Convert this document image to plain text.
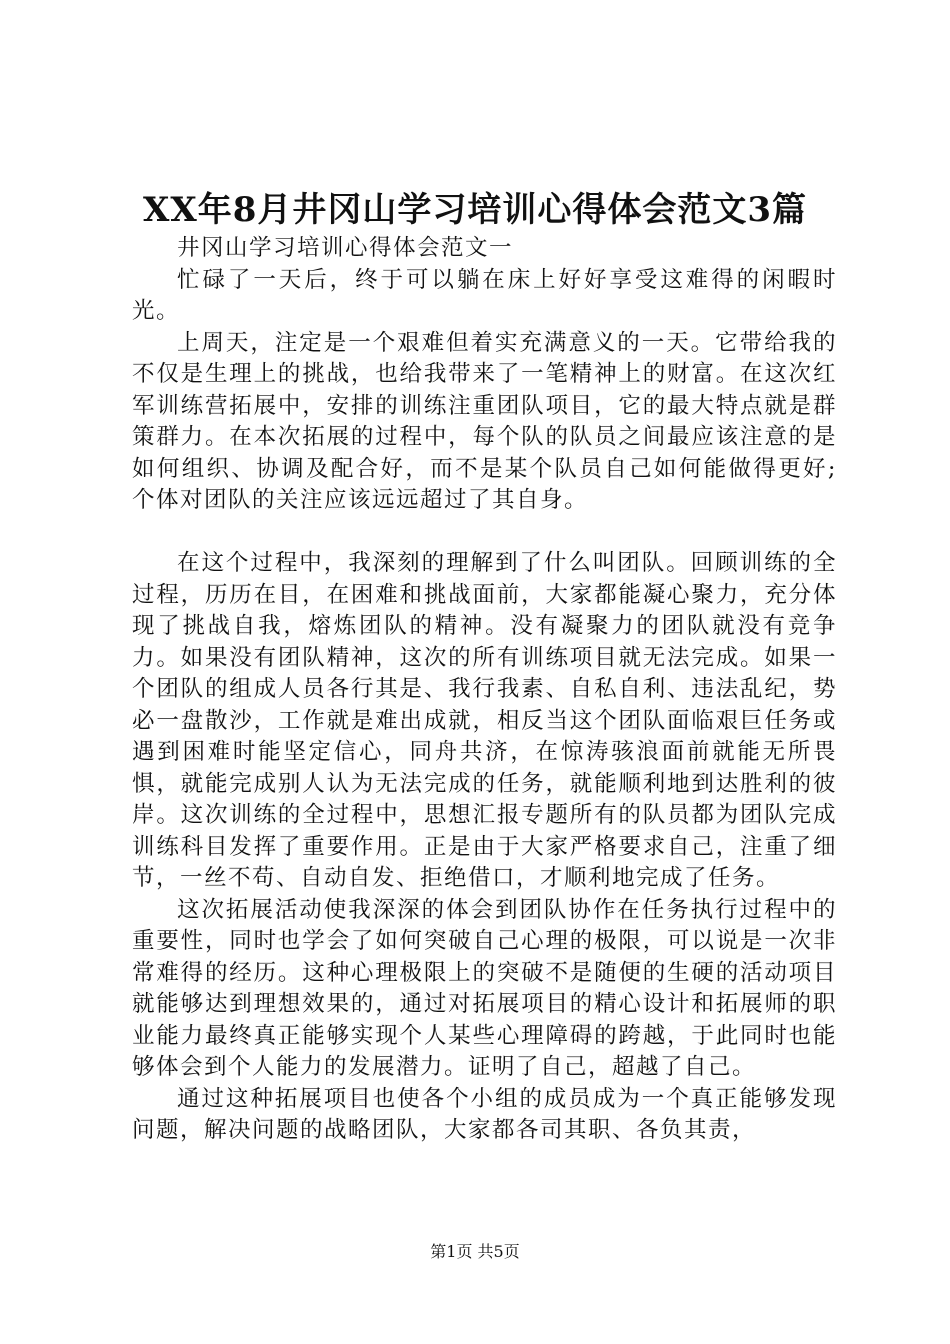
XX年8月井冈山学习培训心得体会范文3篇

井冈山学习培训心得体会范文一

忙碌了一天后，终于可以躺在床上好好享受这难得的闲暇时光。

上周天，注定是一个艰难但着实充满意义的一天。它带给我的不仅是生理上的挑战，也给我带来了一笔精神上的财富。在这次红军训练营拓展中，安排的训练注重团队项目，它的最大特点就是群策群力。在本次拓展的过程中，每个队的队员之间最应该注意的是如何组织、协调及配合好，而不是某个队员自己如何能做得更好;个体对团队的关注应该远远超过了其自身。

在这个过程中，我深刻的理解到了什么叫团队。回顾训练的全过程，历历在目，在困难和挑战面前，大家都能凝心聚力，充分体现了挑战自我，熔炼团队的精神。没有凝聚力的团队就没有竞争力。如果没有团队精神，这次的所有训练项目就无法完成。如果一个团队的组成人员各行其是、我行我素、自私自利、违法乱纪，势必一盘散沙，工作就是难出成就，相反当这个团队面临艰巨任务或遇到困难时能坚定信心，同舟共济，在惊涛骇浪面前就能无所畏惧，就能完成别人认为无法完成的任务，就能顺利地到达胜利的彼岸。这次训练的全过程中，思想汇报专题所有的队员都为团队完成训练科目发挥了重要作用。正是由于大家严格要求自己，注重了细节，一丝不苟、自动自发、拒绝借口，才顺利地完成了任务。

这次拓展活动使我深深的体会到团队协作在任务执行过程中的重要性，同时也学会了如何突破自己心理的极限，可以说是一次非常难得的经历。这种心理极限上的突破不是随便的生硬的活动项目就能够达到理想效果的，通过对拓展项目的精心设计和拓展师的职业能力最终真正能够实现个人某些心理障碍的跨越，于此同时也能够体会到个人能力的发展潜力。证明了自己，超越了自己。

通过这种拓展项目也使各个小组的成员成为一个真正能够发现问题，解决问题的战略团队，大家都各司其职、各负其责，

第1页 共5页
